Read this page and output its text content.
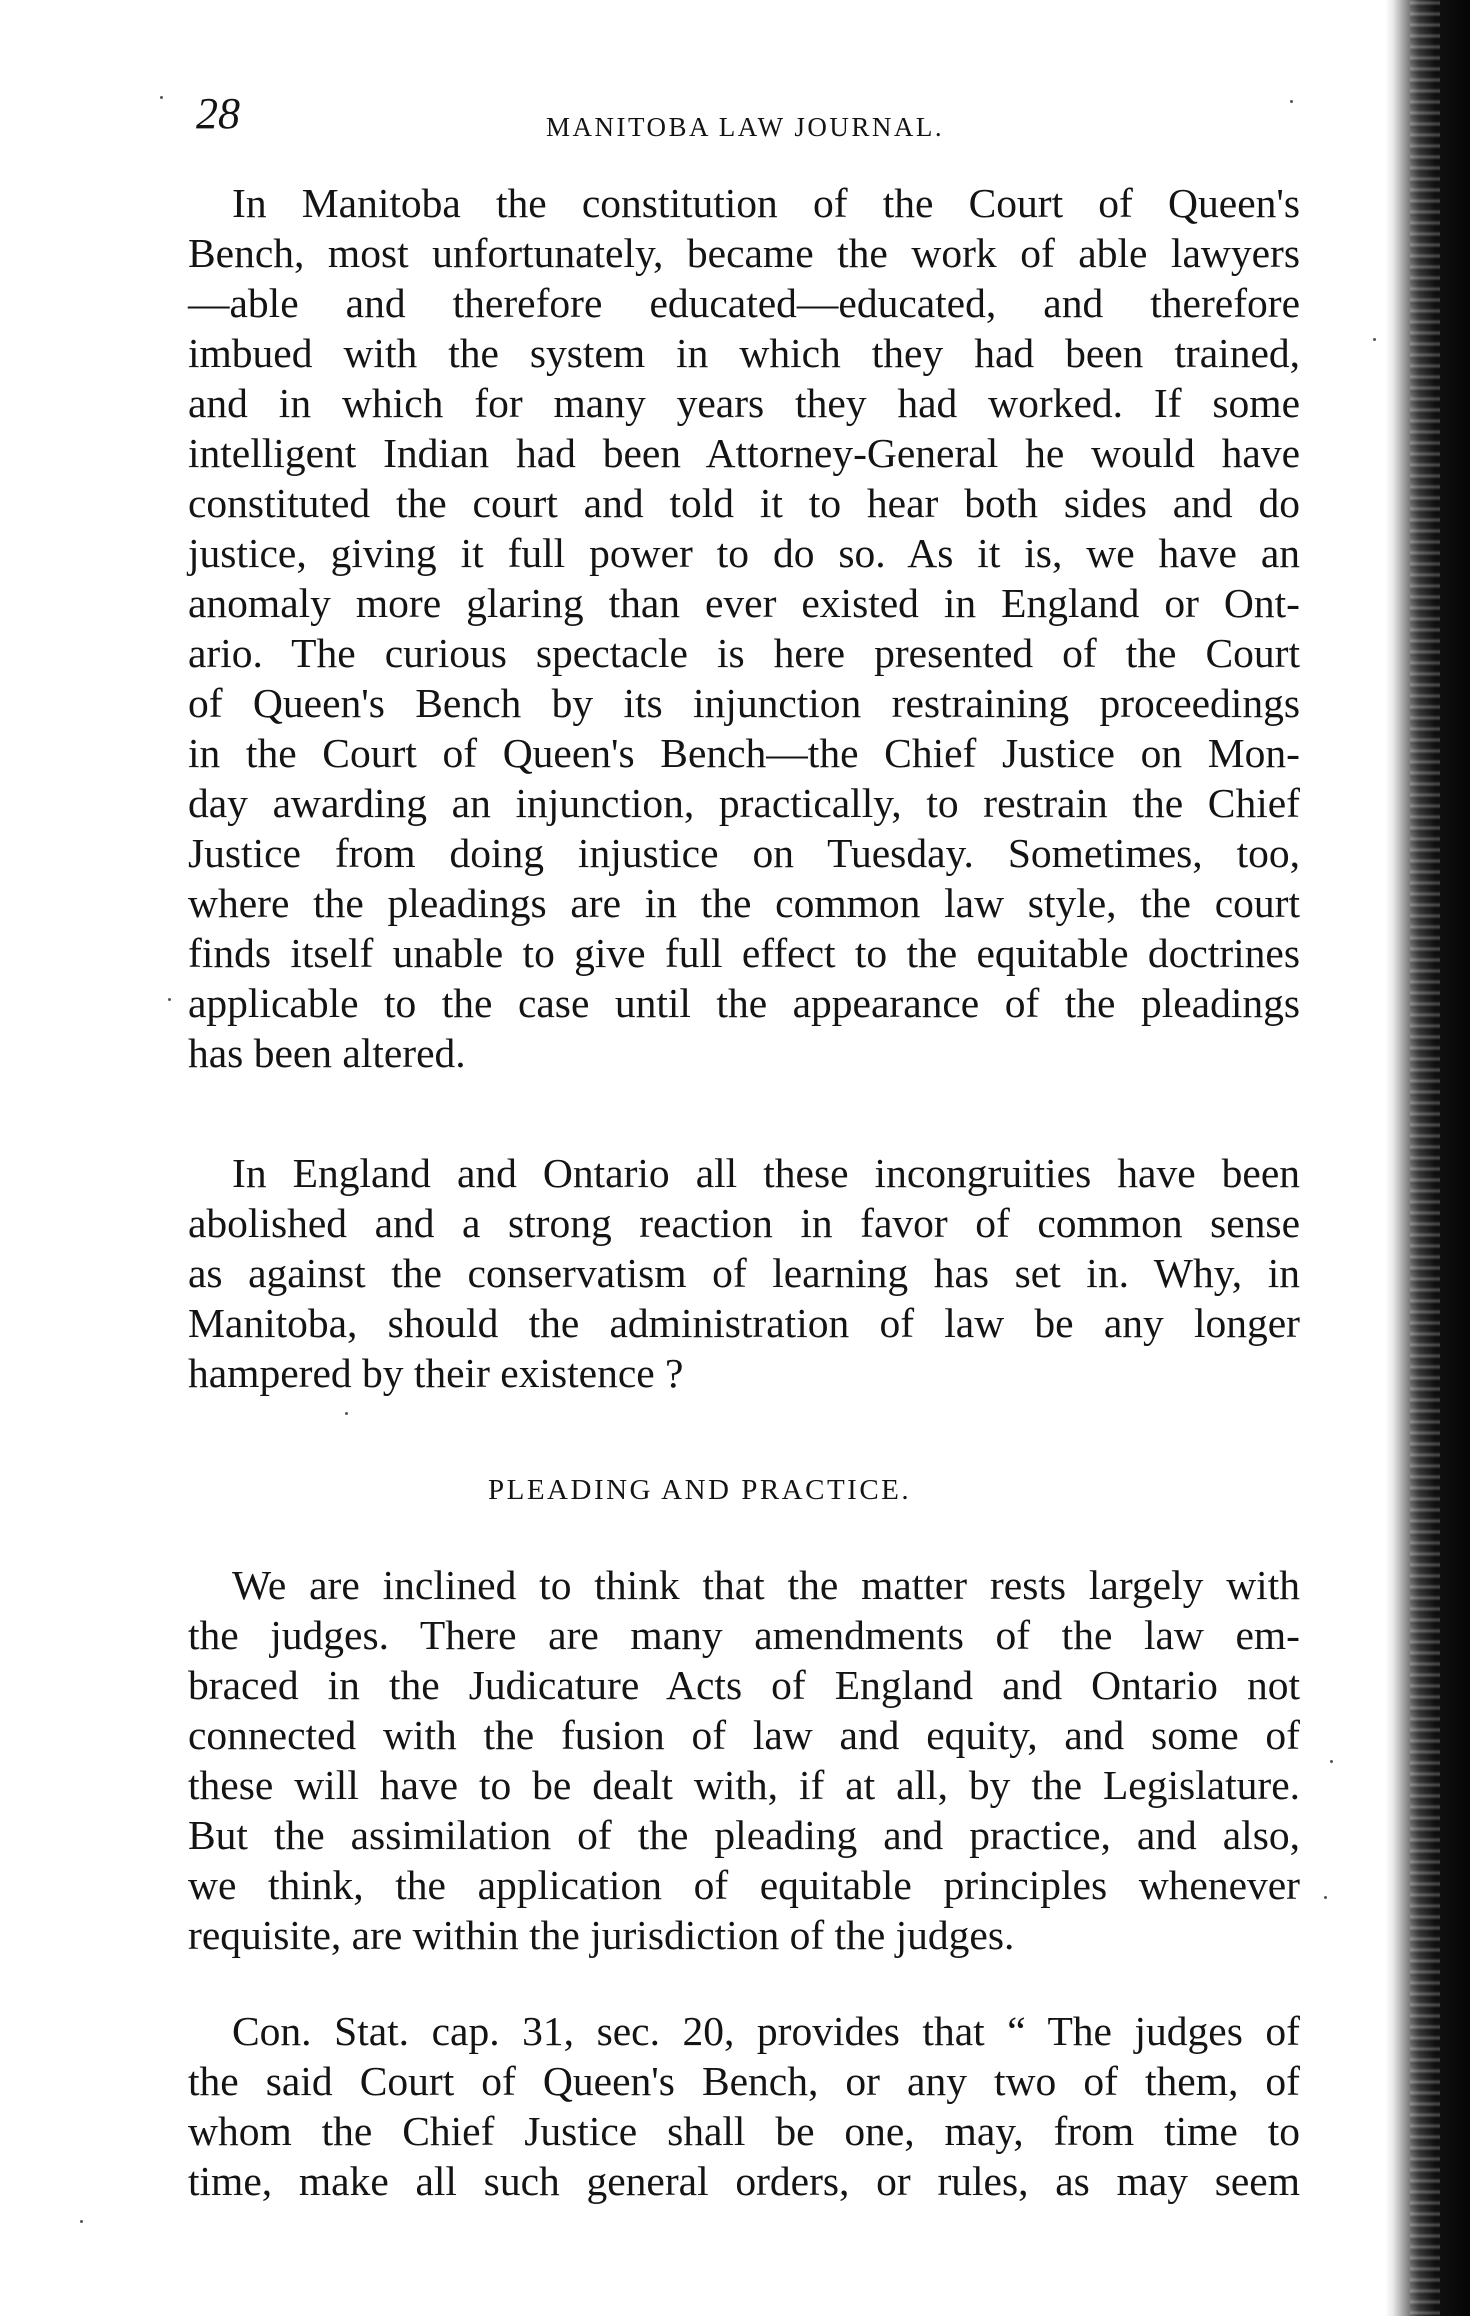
28	MANITOBA LAW JOURNAL.
In Manitoba the constitution of the Court of Queen's
Bench, most unfortunately, became the work of able lawyers
—able and therefore educated—educated, and therefore
imbued with the system in which they had been trained,
and in which for many years they had worked. If some
intelligent Indian had been Attorney-General he would have
constituted the court and told it to hear both sides and do
justice, giving it full power to do so. As it is, we have an
anomaly more glaring than ever existed in England or Ont-
ario. The curious spectacle is here presented of the Court
of Queen's Bench by its injunction restraining proceedings
in the Court of Queen's Bench—the Chief Justice on Mon-
day awarding an injunction, practically, to restrain the Chief
Justice from doing injustice on Tuesday. Sometimes, too,
where the pleadings are in the common law style, the court
finds itself unable to give full effect to the equitable doctrines
applicable to the case until the appearance of the pleadings
has been altered.
In England and Ontario all these incongruities have been
abolished and a strong reaction in favor of common sense
as against the conservatism of learning has set in. Why, in
Manitoba, should the administration of law be any longer
hampered by their existence ?
PLEADING AND PRACTICE.
We are inclined to think that the matter rests largely with
the judges. There are many amendments of the law em-
braced in the Judicature Acts of England and Ontario not
connected with the fusion of law and equity, and some of
these will have to be dealt with, if at all, by the Legislature.
But the assimilation of the pleading and practice, and also,
we think, the application of equitable principles whenever
requisite, are within the jurisdiction of the judges.
Con. Stat. cap. 31, sec. 20, provides that “ The judges of
the said Court of Queen's Bench, or any two of them, of
whom the Chief Justice shall be one, may, from time to
time, make all such general orders, or rules, as may seem
